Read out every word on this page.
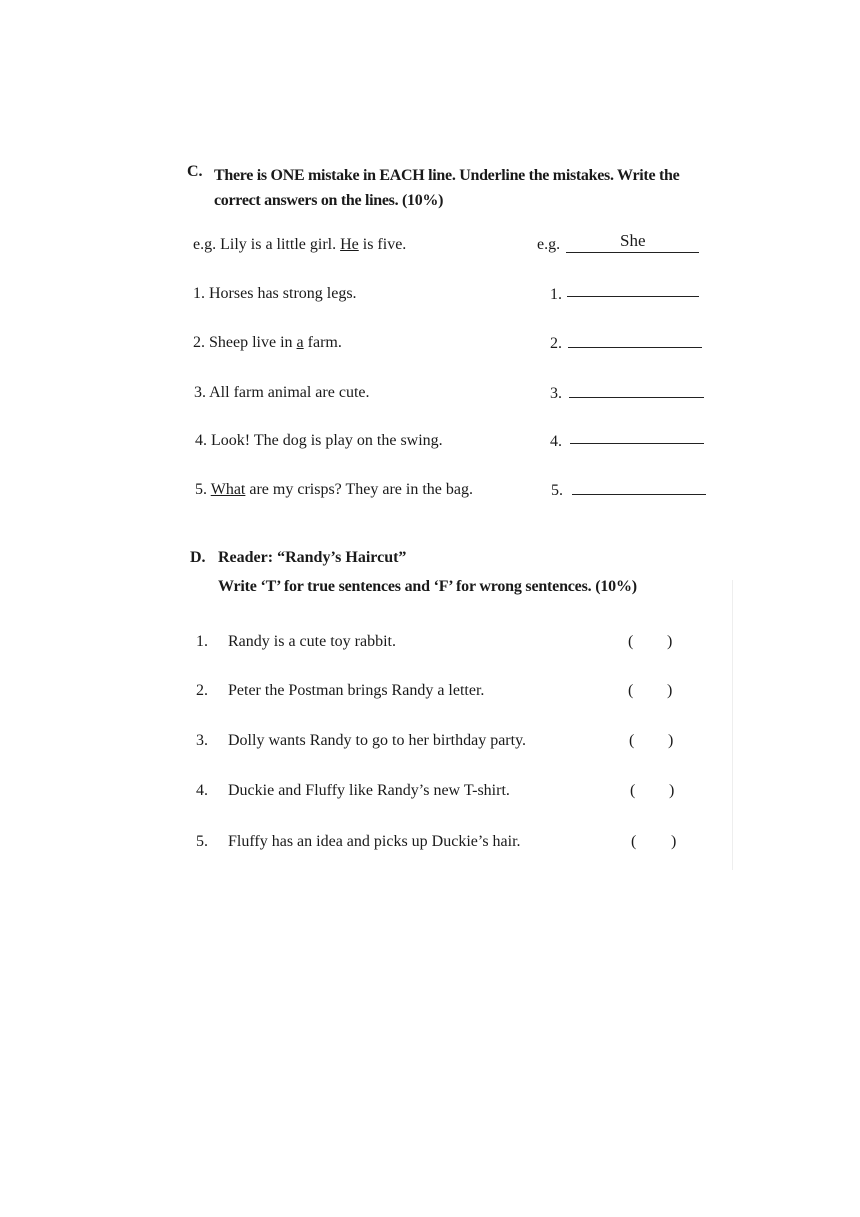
C. There is ONE mistake in EACH line. Underline the mistakes. Write the correct answers on the lines. (10%)
e.g. Lily is a little girl. He is five.	e.g.	She
1. Horses has strong legs.	1.
2. Sheep live in a farm.	2.
3. All farm animal are cute.	3.
4. Look! The dog is play on the swing.	4.
5. What are my crisps? They are in the bag.	5.
D. Reader: “Randy’s Haircut”
Write ‘T’ for true sentences and ‘F’ for wrong sentences. (10%)
1. Randy is a cute toy rabbit.	( )
2. Peter the Postman brings Randy a letter.	( )
3. Dolly wants Randy to go to her birthday party.	( )
4. Duckie and Fluffy like Randy’s new T-shirt.	( )
5. Fluffy has an idea and picks up Duckie’s hair.	( )
